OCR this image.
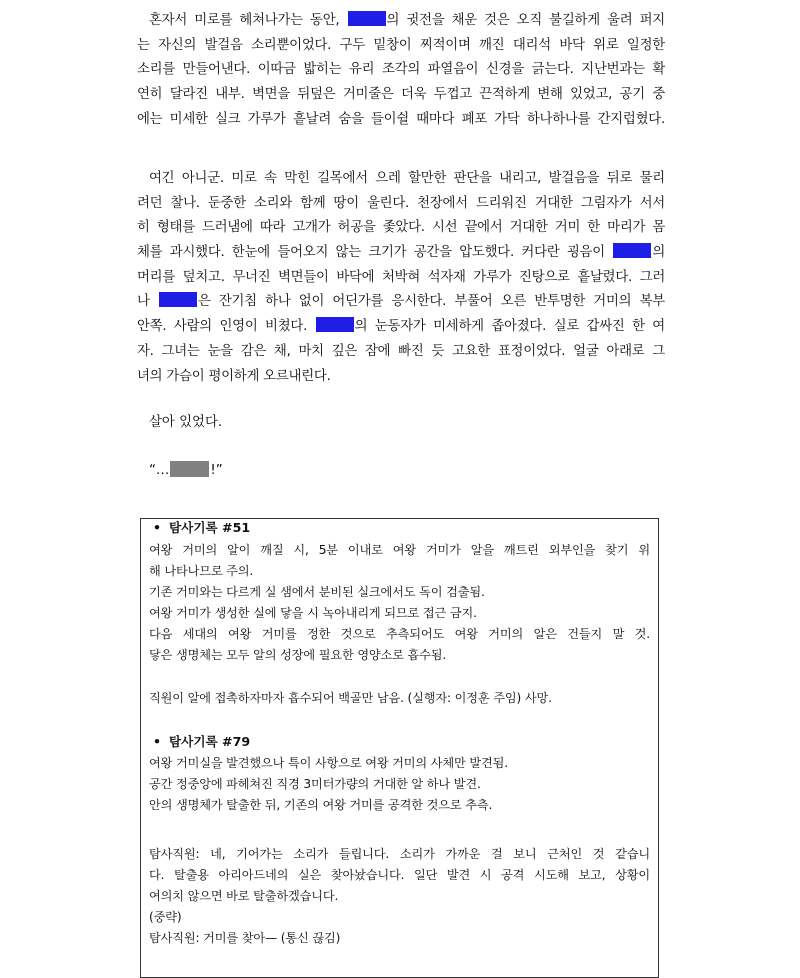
혼자서 미로를 헤쳐나가는 동안,	의 귓전을 채운 것은 오직 불길하게 울려 퍼지
는 자신의 발걸음 소리뿐이었다. 구두 밑창이 찌적이며 깨진 대리석 바닥 위로 일정한
소리를 만들어낸다. 이따금 밟히는 유리 조각의 파열음이 신경을 긁는다. 지난번과는 확
연히 달라진 내부. 벽면을 뒤덮은 거미줄은 더욱 두껍고 끈적하게 변해 있었고, 공기 중
에는 미세한 실크 가루가 흩날려 숨을 들이쉴 때마다 폐포 가닥 하나하나를 간지럽혔다.
여긴 아니군. 미로 속 막힌 길목에서 으레 할만한 판단을 내리고, 발걸음을 뒤로 물리
려던 찰나. 둔중한 소리와 함께 땅이 울린다. 천장에서 드리워진 거대한 그림자가 서서
히 형태를 드러냄에 따라 고개가 허공을 좇았다. 시선 끝에서 거대한 거미 한 마리가 몸
체를 과시했다. 한눈에 들어오지 않는 크기가 공간을 압도했다. 커다란 굉음이	의
머리를 덮치고. 무너진 벽면들이 바닥에 처박혀 석자재 가루가 진탕으로 흩날렸다. 그러
나	은 잔기침 하나 없이 어딘가를 응시한다. 부풀어 오른 반투명한 거미의 복부
안쪽. 사람의 인영이 비쳤다.	의 눈동자가 미세하게 좁아졌다. 실로 갑싸진 한 여
자. 그녀는 눈을 감은 채, 마치 깊은 잠에 빠진 듯 고요한 표정이었다. 얼굴 아래로 그
녀의 가슴이 평이하게 오르내린다.
살아 있었다.
“…	!”
• 탐사기록 #51
여왕 거미의 알이 깨질 시, 5분 이내로 여왕 거미가 알을 깨트린 외부인을 찾기 위
해 나타나므로 주의.
기존 거미와는 다르게 실 샘에서 분비된 실크에서도 독이 검출됨.
여왕 거미가 생성한 실에 닿을 시 녹아내리게 되므로 접근 금지.
다음 세대의 여왕 거미를 정한 것으로 추측되어도 여왕 거미의 알은 건들지 말 것.
닿은 생명체는 모두 알의 성장에 필요한 영양소로 흡수됨.
직원이 알에 접촉하자마자 흡수되어 백골만 남음. (실행자: 이정훈 주임) 사망.
• 탐사기록 #79
여왕 거미실을 발견했으나 특이 사항으로 여왕 거미의 사체만 발견됨.
공간 정중앙에 파헤쳐진 직경 3미터가량의 거대한 알 하나 발견.
안의 생명체가 탈출한 뒤, 기존의 여왕 거미를 공격한 것으로 추측.
탐사직원: 네, 기어가는 소리가 들립니다. 소리가 가까운 걸 보니 근처인 것 같습니
다. 탈출용 아리아드네의 실은 찾아놨습니다. 일단 발견 시 공격 시도해 보고, 상황이
여의치 않으면 바로 탈출하겠습니다.
(중략)
탐사직원: 거미를 찾아— (통신 끊김)
